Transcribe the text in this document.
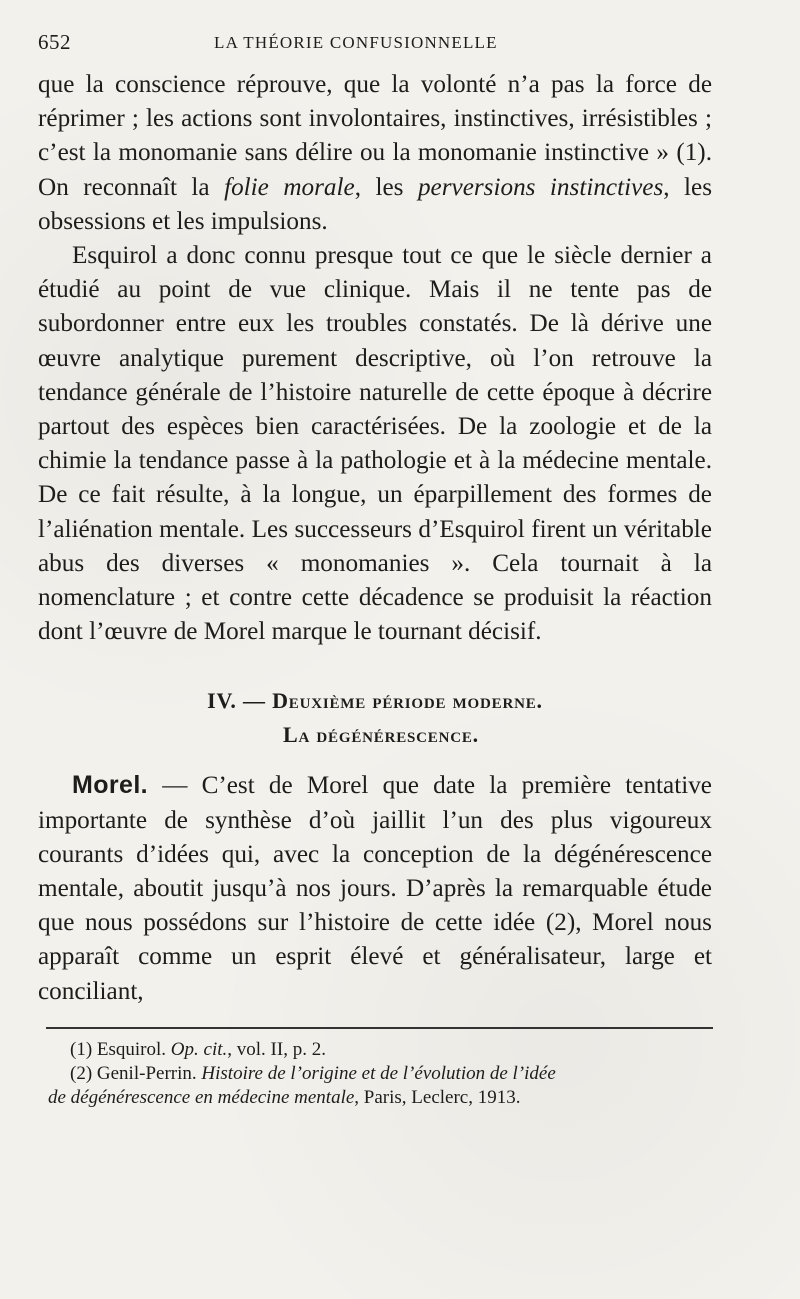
652	LA THÉORIE CONFUSIONNELLE

que la conscience réprouve, que la volonté n’a pas la force de réprimer ; les actions sont involontaires, instinctives, irrésistibles ; c’est la monomanie sans délire ou la monomanie instinctive » (1). On reconnaît la folie morale, les perversions instinctives, les obsessions et les impulsions.

Esquirol a donc connu presque tout ce que le siècle dernier a étudié au point de vue clinique. Mais il ne tente pas de subordonner entre eux les troubles constatés. De là dérive une œuvre analytique purement descriptive, où l’on retrouve la tendance générale de l’histoire naturelle de cette époque à décrire partout des espèces bien caractérisées. De la zoologie et de la chimie la tendance passe à la pathologie et à la médecine mentale. De ce fait résulte, à la longue, un éparpillement des formes de l’aliénation mentale. Les successeurs d’Esquirol firent un véritable abus des diverses « monomanies ». Cela tournait à la nomenclature ; et contre cette décadence se produisit la réaction dont l’œuvre de Morel marque le tournant décisif.

IV. — Deuxième période moderne.
La dégénérescence.

Morel. — C’est de Morel que date la première tentative importante de synthèse d’où jaillit l’un des plus vigoureux courants d’idées qui, avec la conception de la dégénérescence mentale, aboutit jusqu’à nos jours. D’après la remarquable étude que nous possédons sur l’histoire de cette idée (2), Morel nous apparaît comme un esprit élevé et généralisateur, large et conciliant,

(1) Esquirol. Op. cit., vol. II, p. 2.

(2) Genil-Perrin. Histoire de l’origine et de l’évolution de l’idée

de dégénérescence en médecine mentale, Paris, Leclerc, 1913.
